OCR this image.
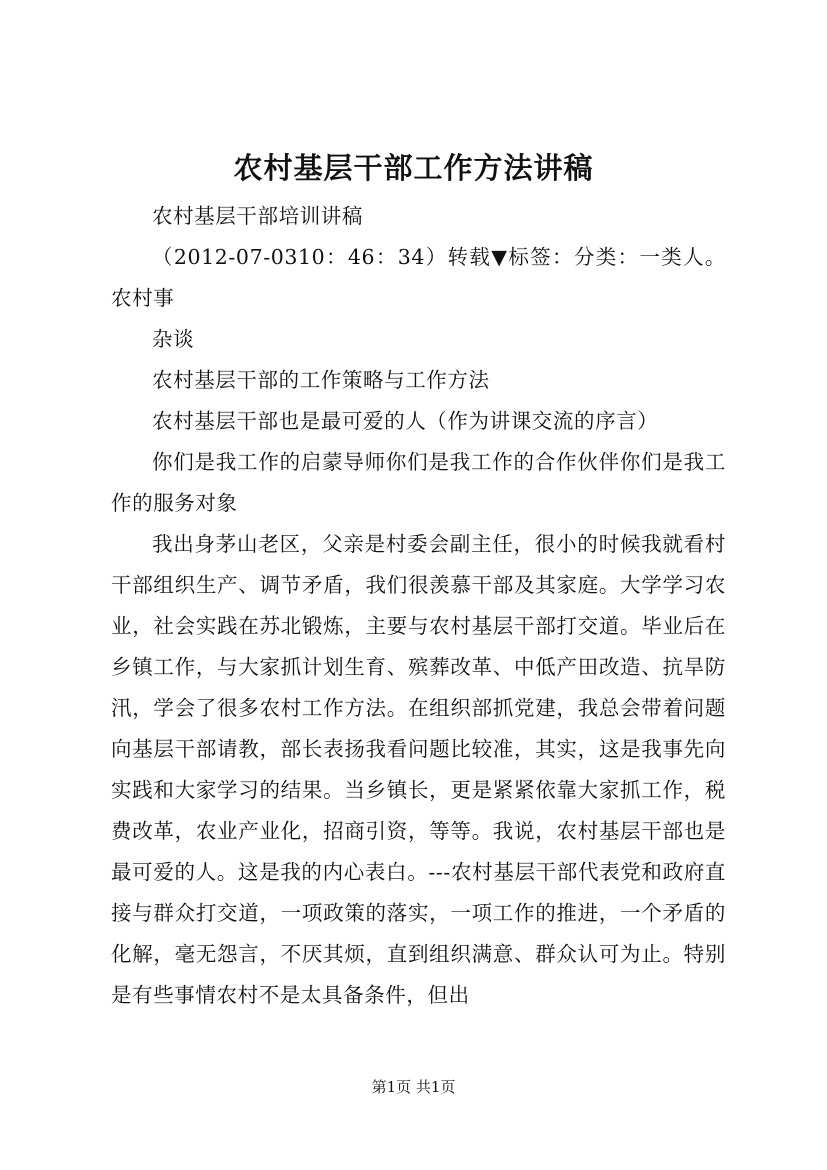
农村基层干部工作方法讲稿

农村基层干部培训讲稿

（2012-07-0310：46：34）转载▼标签：分类：一类人。农村事

杂谈

农村基层干部的工作策略与工作方法

农村基层干部也是最可爱的人（作为讲课交流的序言）

你们是我工作的启蒙导师你们是我工作的合作伙伴你们是我工作的服务对象

我出身茅山老区，父亲是村委会副主任，很小的时候我就看村干部组织生产、调节矛盾，我们很羡慕干部及其家庭。大学学习农业，社会实践在苏北锻炼，主要与农村基层干部打交道。毕业后在乡镇工作，与大家抓计划生育、殡葬改革、中低产田改造、抗旱防汛，学会了很多农村工作方法。在组织部抓党建，我总会带着问题向基层干部请教，部长表扬我看问题比较准，其实，这是我事先向实践和大家学习的结果。当乡镇长，更是紧紧依靠大家抓工作，税费改革，农业产业化，招商引资，等等。我说，农村基层干部也是最可爱的人。这是我的内心表白。---农村基层干部代表党和政府直接与群众打交道，一项政策的落实，一项工作的推进，一个矛盾的化解，毫无怨言，不厌其烦，直到组织满意、群众认可为止。特别是有些事情农村不是太具备条件，但出

第1页 共1页
